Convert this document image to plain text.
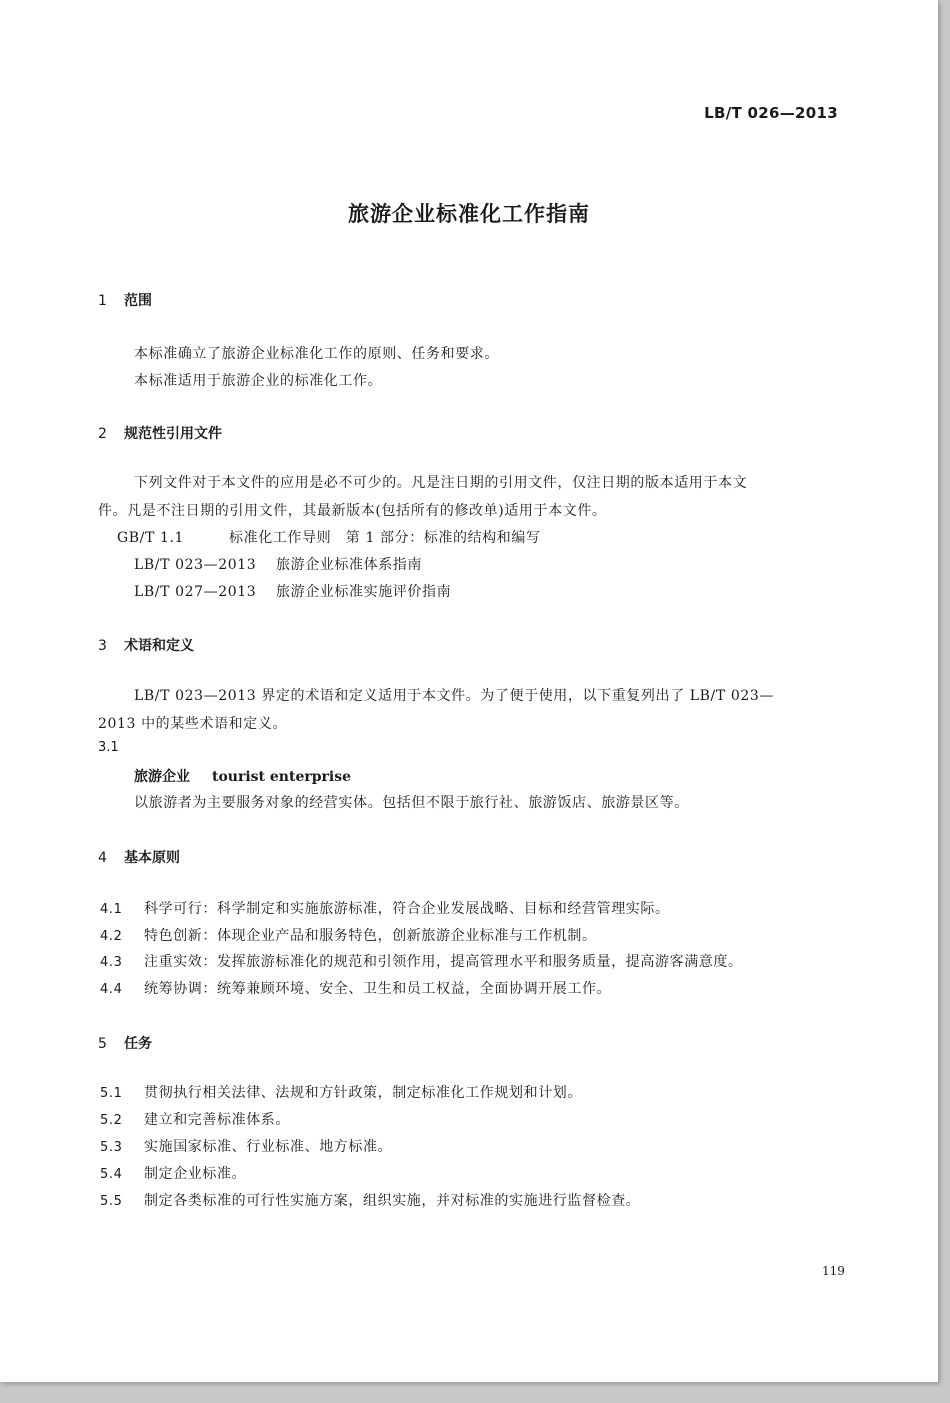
LB/T 026—2013
旅游企业标准化工作指南
1 范围
本标准确立了旅游企业标准化工作的原则、任务和要求。
本标准适用于旅游企业的标准化工作。
2 规范性引用文件
下列文件对于本文件的应用是必不可少的。凡是注日期的引用文件，仅注日期的版本适用于本文
件。凡是不注日期的引用文件，其最新版本(包括所有的修改单)适用于本文件。
GB/T 1.1	标准化工作导则　第 1 部分：标准的结构和编写
LB/T 023—2013 旅游企业标准体系指南
LB/T 027—2013 旅游企业标准实施评价指南
3 术语和定义
LB/T 023—2013 界定的术语和定义适用于本文件。为了便于使用，以下重复列出了 LB/T 023—
2013 中的某些术语和定义。
3.1
旅游企业 tourist enterprise
以旅游者为主要服务对象的经营实体。包括但不限于旅行社、旅游饭店、旅游景区等。
4 基本原则
4.1 科学可行：科学制定和实施旅游标准，符合企业发展战略、目标和经营管理实际。
4.2 特色创新：体现企业产品和服务特色，创新旅游企业标准与工作机制。
4.3 注重实效：发挥旅游标准化的规范和引领作用，提高管理水平和服务质量，提高游客满意度。
4.4 统筹协调：统筹兼顾环境、安全、卫生和员工权益，全面协调开展工作。
5 任务
5.1 贯彻执行相关法律、法规和方针政策，制定标准化工作规划和计划。
5.2 建立和完善标准体系。
5.3 实施国家标准、行业标准、地方标准。
5.4 制定企业标准。
5.5 制定各类标准的可行性实施方案，组织实施，并对标准的实施进行监督检查。
119
